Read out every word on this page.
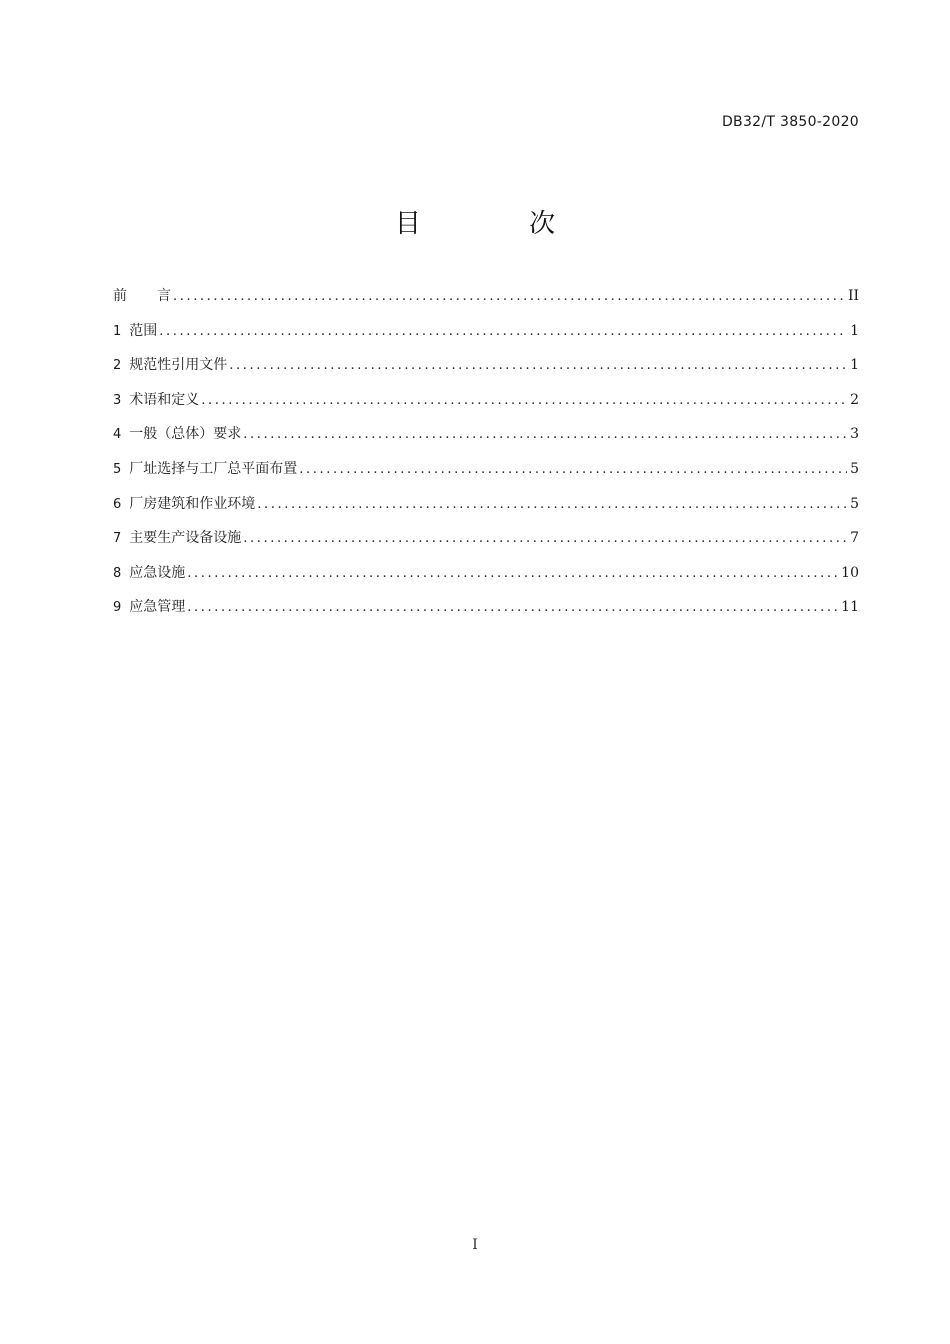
DB32/T 3850-2020
目 次
前 言 .....	II
1 范围 .....	1
2 规范性引用文件 .....	1
3 术语和定义 .....	2
4 一般（总体）要求 .....	3
5 厂址选择与工厂总平面布置 .....	5
6 厂房建筑和作业环境 .....	5
7 主要生产设备设施 .....	7
8 应急设施 .....	10
9 应急管理 .....	11
I
